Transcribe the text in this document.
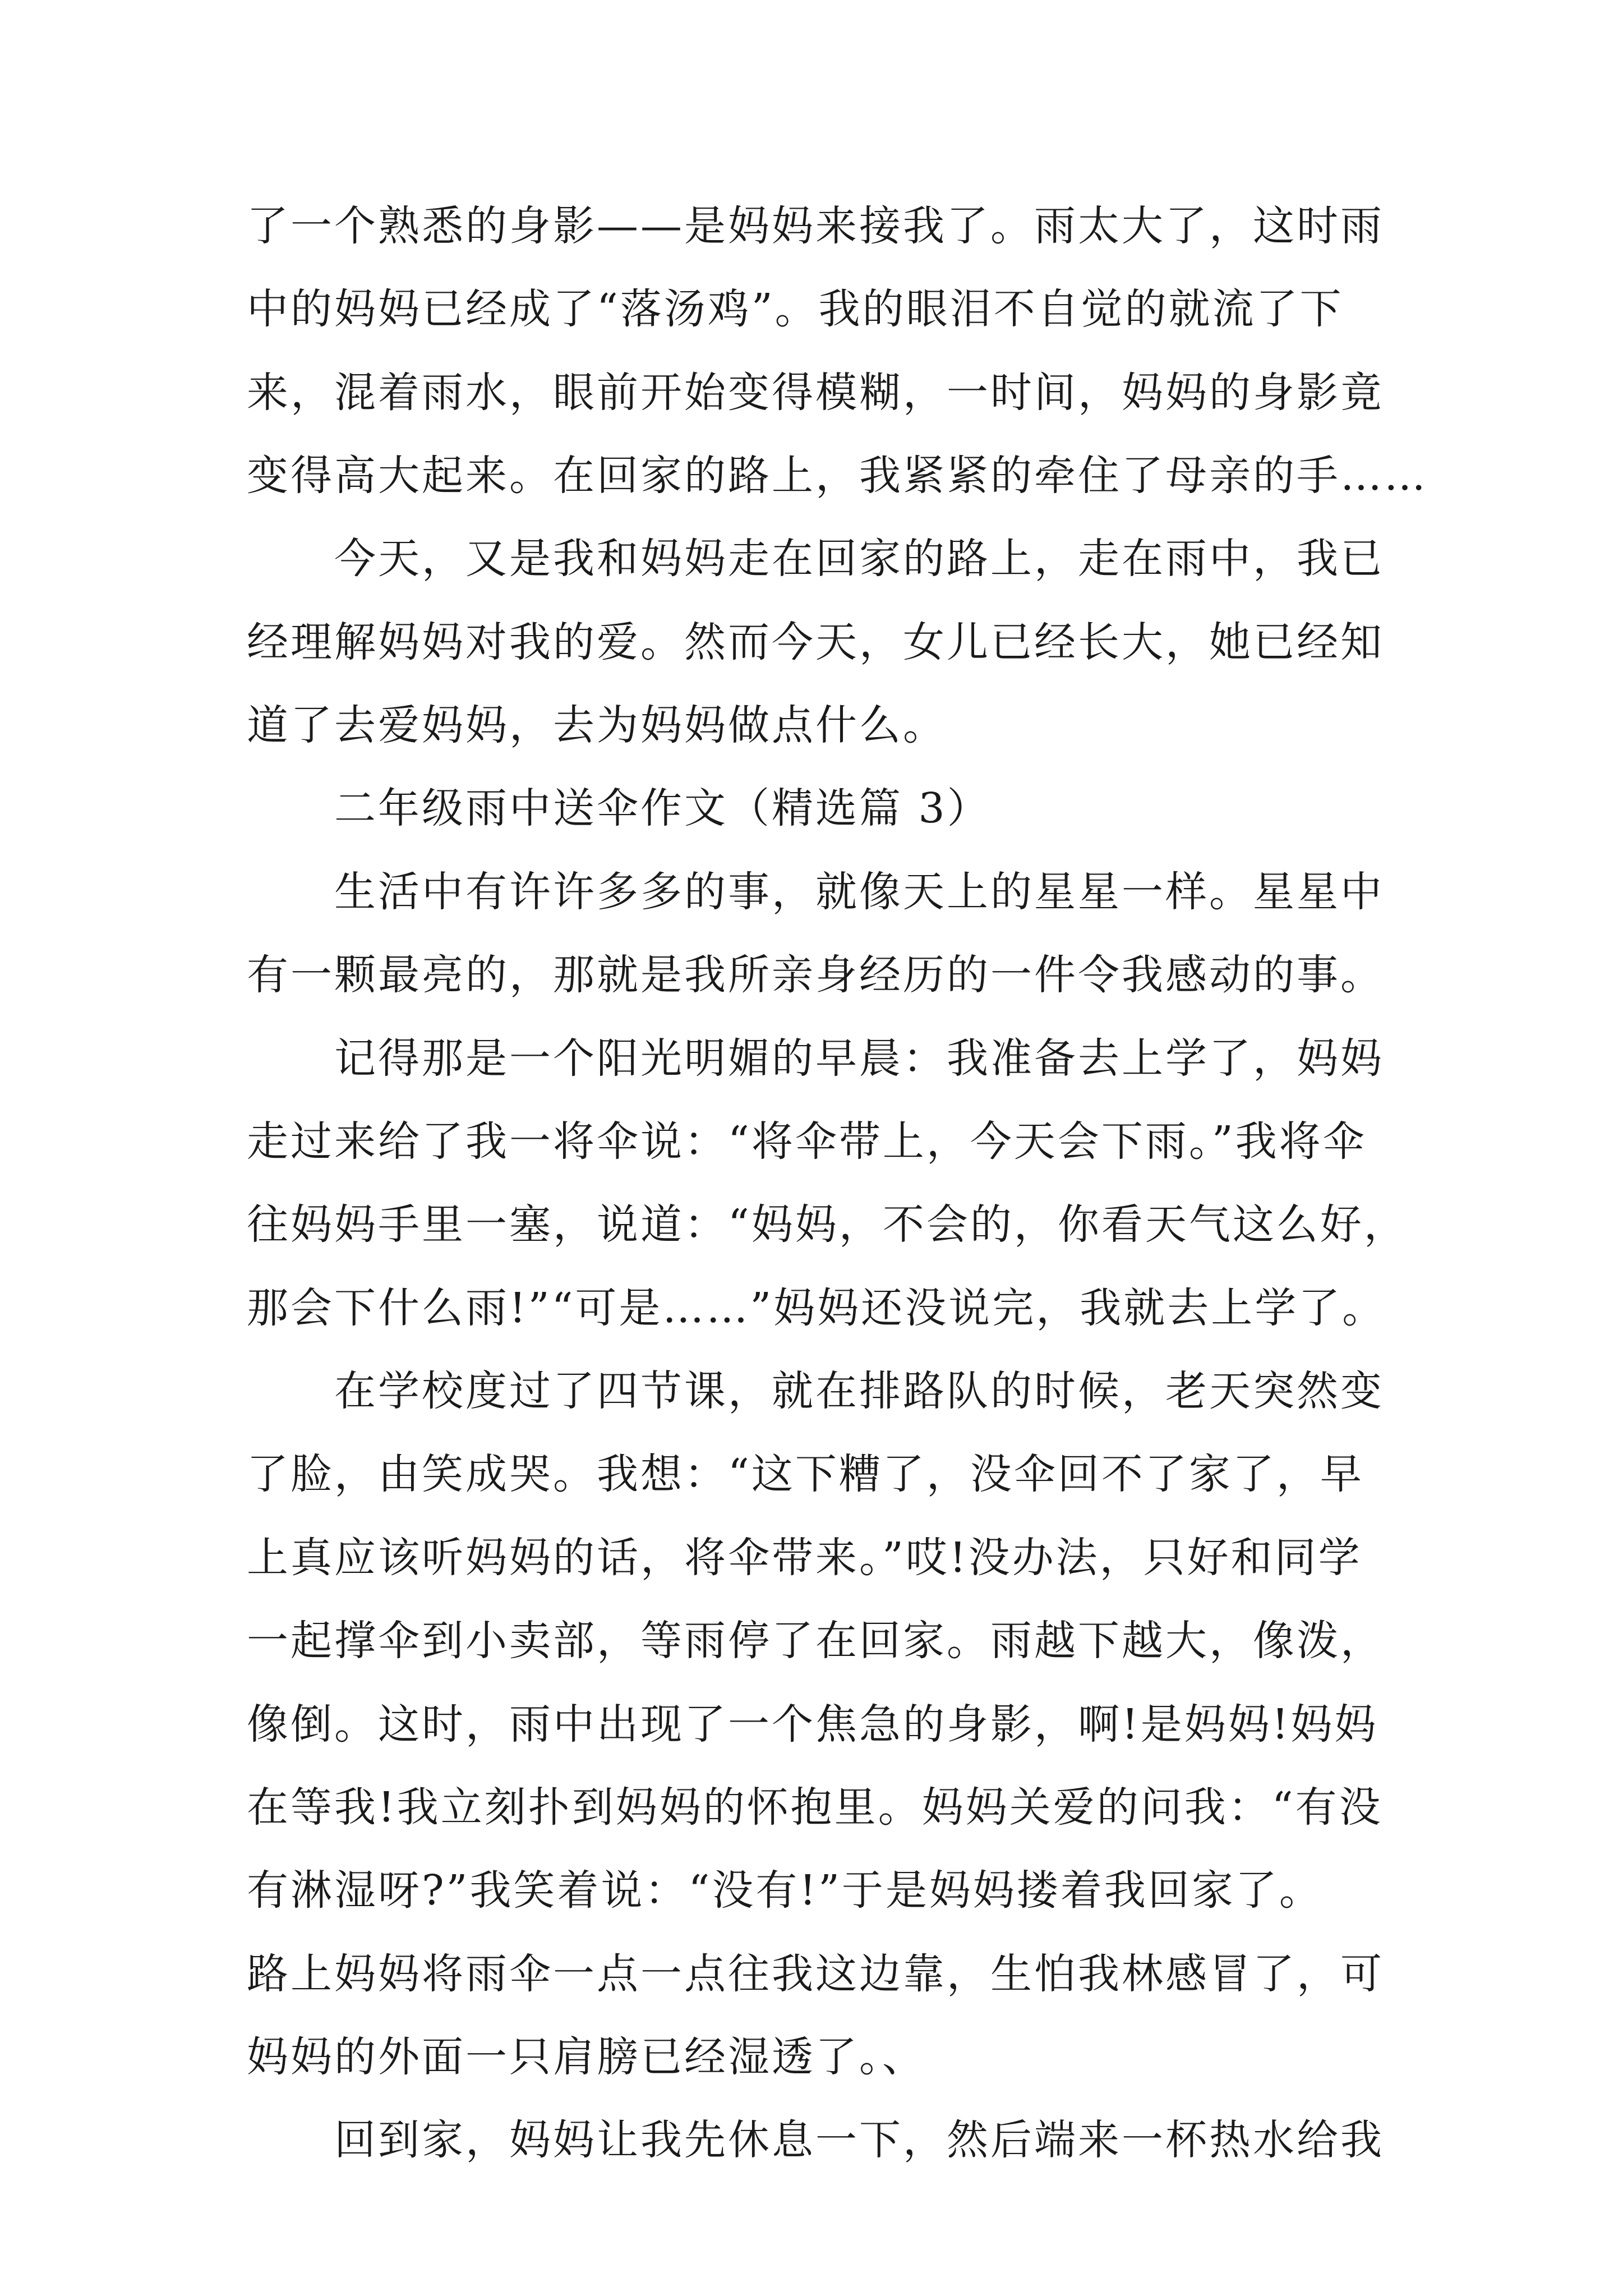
了一个熟悉的身影——是妈妈来接我了。雨太大了，这时雨
中的妈妈已经成了“落汤鸡”。我的眼泪不自觉的就流了下
来，混着雨水，眼前开始变得模糊，一时间，妈妈的身影竟
变得高大起来。在回家的路上，我紧紧的牵住了母亲的手……
今天，又是我和妈妈走在回家的路上，走在雨中，我已
经理解妈妈对我的爱。然而今天，女儿已经长大，她已经知
道了去爱妈妈，去为妈妈做点什么。
二年级雨中送伞作文（精选篇 3）
生活中有许许多多的事，就像天上的星星一样。星星中
有一颗最亮的，那就是我所亲身经历的一件令我感动的事。
记得那是一个阳光明媚的早晨：我准备去上学了，妈妈
走过来给了我一将伞说：“将伞带上，今天会下雨。”我将伞
往妈妈手里一塞，说道：“妈妈，不会的，你看天气这么好，
那会下什么雨!”“可是……”妈妈还没说完，我就去上学了。
在学校度过了四节课，就在排路队的时候，老天突然变
了脸，由笑成哭。我想：“这下糟了，没伞回不了家了，早
上真应该听妈妈的话，将伞带来。”哎!没办法，只好和同学
一起撑伞到小卖部，等雨停了在回家。雨越下越大，像泼，
像倒。这时，雨中出现了一个焦急的身影，啊!是妈妈!妈妈
在等我!我立刻扑到妈妈的怀抱里。妈妈关爱的问我：“有没
有淋湿呀?”我笑着说：“没有!”于是妈妈搂着我回家了。
路上妈妈将雨伞一点一点往我这边靠，生怕我林感冒了，可
妈妈的外面一只肩膀已经湿透了。、
回到家，妈妈让我先休息一下，然后端来一杯热水给我
